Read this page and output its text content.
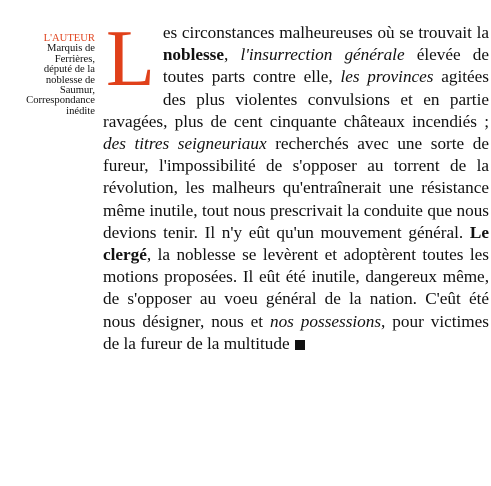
L'AUTEUR
Marquis de
Ferrières,
député de la
noblesse de
Saumur,
Correspondance
inédite

Les circonstances malheureuses où se trouvait la noblesse, l'insurrection générale élevée de toutes parts contre elle, les provinces agitées des plus violentes convulsions et en partie ravagées, plus de cent cinquante châteaux incendiés ; des titres seigneuriaux recherchés avec une sorte de fureur, l'impossibilité de s'opposer au torrent de la révolution, les malheurs qu'entraînerait une résistance même inutile, tout nous prescrivait la conduite que nous devions tenir. Il n'y eût qu'un mouvement général. Le clergé, la noblesse se levèrent et adoptèrent toutes les motions proposées. Il eût été inutile, dangereux même, de s'opposer au voeu général de la nation. C'eût été nous désigner, nous et nos possessions, pour victimes de la fureur de la multitude
